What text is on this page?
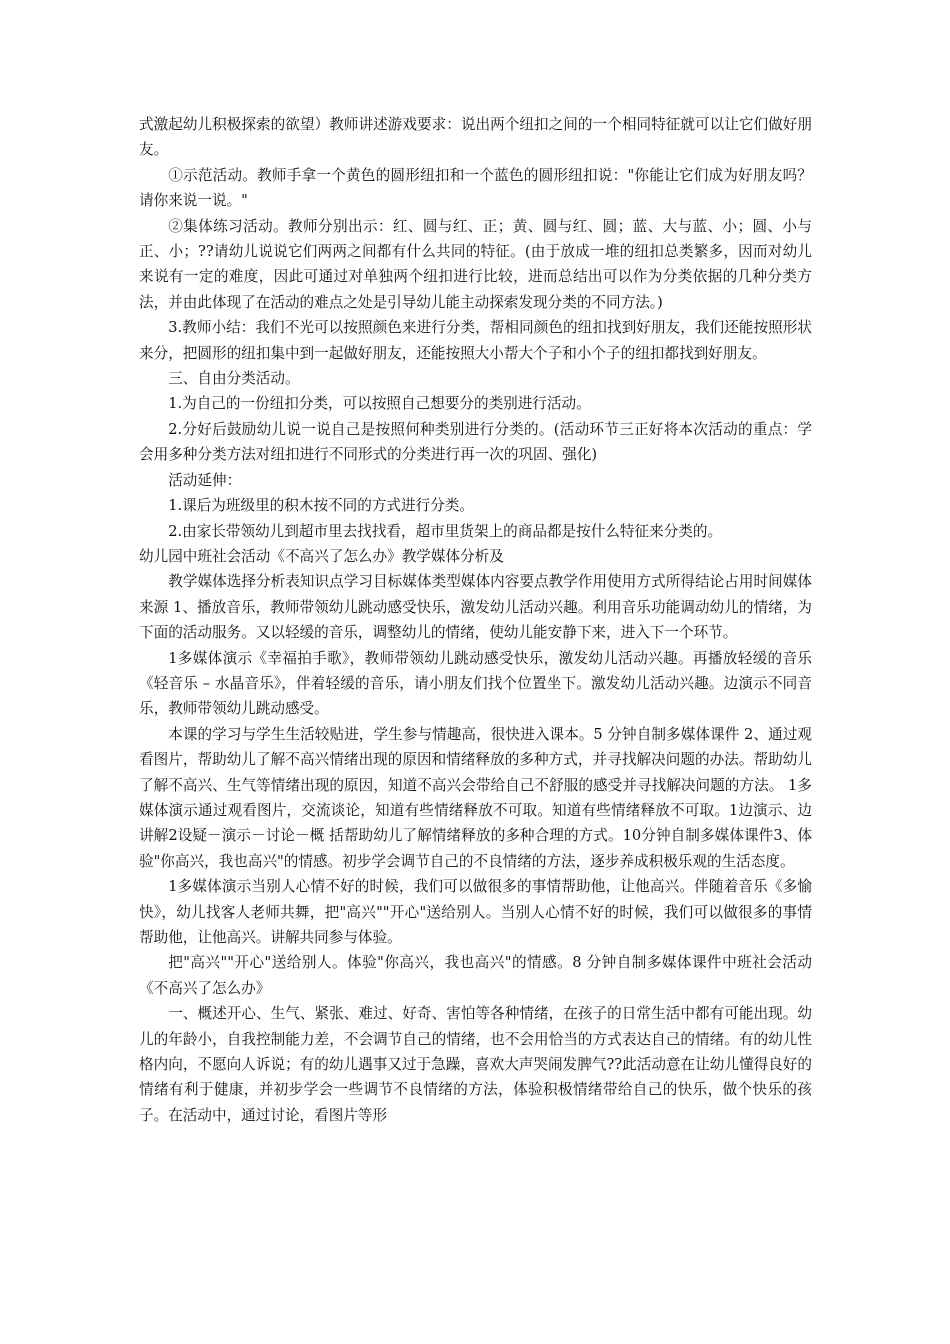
式激起幼儿积极探索的欲望）教师讲述游戏要求：说出两个纽扣之间的一个相同特征就可以让它们做好朋友。

①示范活动。教师手拿一个黄色的圆形纽扣和一个蓝色的圆形纽扣说："你能让它们成为好朋友吗？请你来说一说。"

②集体练习活动。教师分别出示：红、圆与红、正；黄、圆与红、圆；蓝、大与蓝、小；圆、小与正、小；??请幼儿说说它们两两之间都有什么共同的特征。(由于放成一堆的纽扣总类繁多，因而对幼儿来说有一定的难度，因此可通过对单独两个纽扣进行比较，进而总结出可以作为分类依据的几种分类方法，并由此体现了在活动的难点之处是引导幼儿能主动探索发现分类的不同方法。)

3.教师小结：我们不光可以按照颜色来进行分类，帮相同颜色的纽扣找到好朋友，我们还能按照形状来分，把圆形的纽扣集中到一起做好朋友，还能按照大小帮大个子和小个子的纽扣都找到好朋友。

三、自由分类活动。

1.为自己的一份纽扣分类，可以按照自己想要分的类别进行活动。

2.分好后鼓励幼儿说一说自己是按照何种类别进行分类的。(活动环节三正好将本次活动的重点：学会用多种分类方法对纽扣进行不同形式的分类进行再一次的巩固、强化)

活动延伸：

1.课后为班级里的积木按不同的方式进行分类。

2.由家长带领幼儿到超市里去找找看，超市里货架上的商品都是按什么特征来分类的。

幼儿园中班社会活动《不高兴了怎么办》教学媒体分析及

教学媒体选择分析表知识点学习目标媒体类型媒体内容要点教学作用使用方式所得结论占用时间媒体来源 1、播放音乐，教师带领幼儿跳动感受快乐，激发幼儿活动兴趣。利用音乐功能调动幼儿的情绪，为下面的活动服务。又以轻缓的音乐，调整幼儿的情绪，使幼儿能安静下来，进入下一个环节。

1多媒体演示《幸福拍手歌》，教师带领幼儿跳动感受快乐，激发幼儿活动兴趣。再播放轻缓的音乐《轻音乐 – 水晶音乐》，伴着轻缓的音乐，请小朋友们找个位置坐下。激发幼儿活动兴趣。边演示不同音乐，教师带领幼儿跳动感受。

本课的学习与学生生活较贴进，学生参与情趣高，很快进入课本。5 分钟自制多媒体课件 2、通过观看图片，帮助幼儿了解不高兴情绪出现的原因和情绪释放的多种方式，并寻找解决问题的办法。帮助幼儿了解不高兴、生气等情绪出现的原因，知道不高兴会带给自己不舒服的感受并寻找解决问题的方法。 1多媒体演示通过观看图片，交流谈论，知道有些情绪释放不可取。知道有些情绪释放不可取。1边演示、边讲解2设疑－演示－讨论－概 括帮助幼儿了解情绪释放的多种合理的方式。10分钟自制多媒体课件3、体验"你高兴，我也高兴"的情感。初步学会调节自己的不良情绪的方法，逐步养成积极乐观的生活态度。

1多媒体演示当别人心情不好的时候，我们可以做很多的事情帮助他，让他高兴。伴随着音乐《多愉快》，幼儿找客人老师共舞，把"高兴""开心"送给别人。当别人心情不好的时候，我们可以做很多的事情帮助他，让他高兴。讲解共同参与体验。

把"高兴""开心"送给别人。体验"你高兴，我也高兴"的情感。8 分钟自制多媒体课件中班社会活动《不高兴了怎么办》

一、概述开心、生气、紧张、难过、好奇、害怕等各种情绪，在孩子的日常生活中都有可能出现。幼儿的年龄小，自我控制能力差，不会调节自己的情绪，也不会用恰当的方式表达自己的情绪。有的幼儿性格内向，不愿向人诉说；有的幼儿遇事又过于急躁，喜欢大声哭闹发脾气??此活动意在让幼儿懂得良好的情绪有利于健康，并初步学会一些调节不良情绪的方法，体验积极情绪带给自己的快乐，做个快乐的孩子。在活动中，通过讨论，看图片等形
